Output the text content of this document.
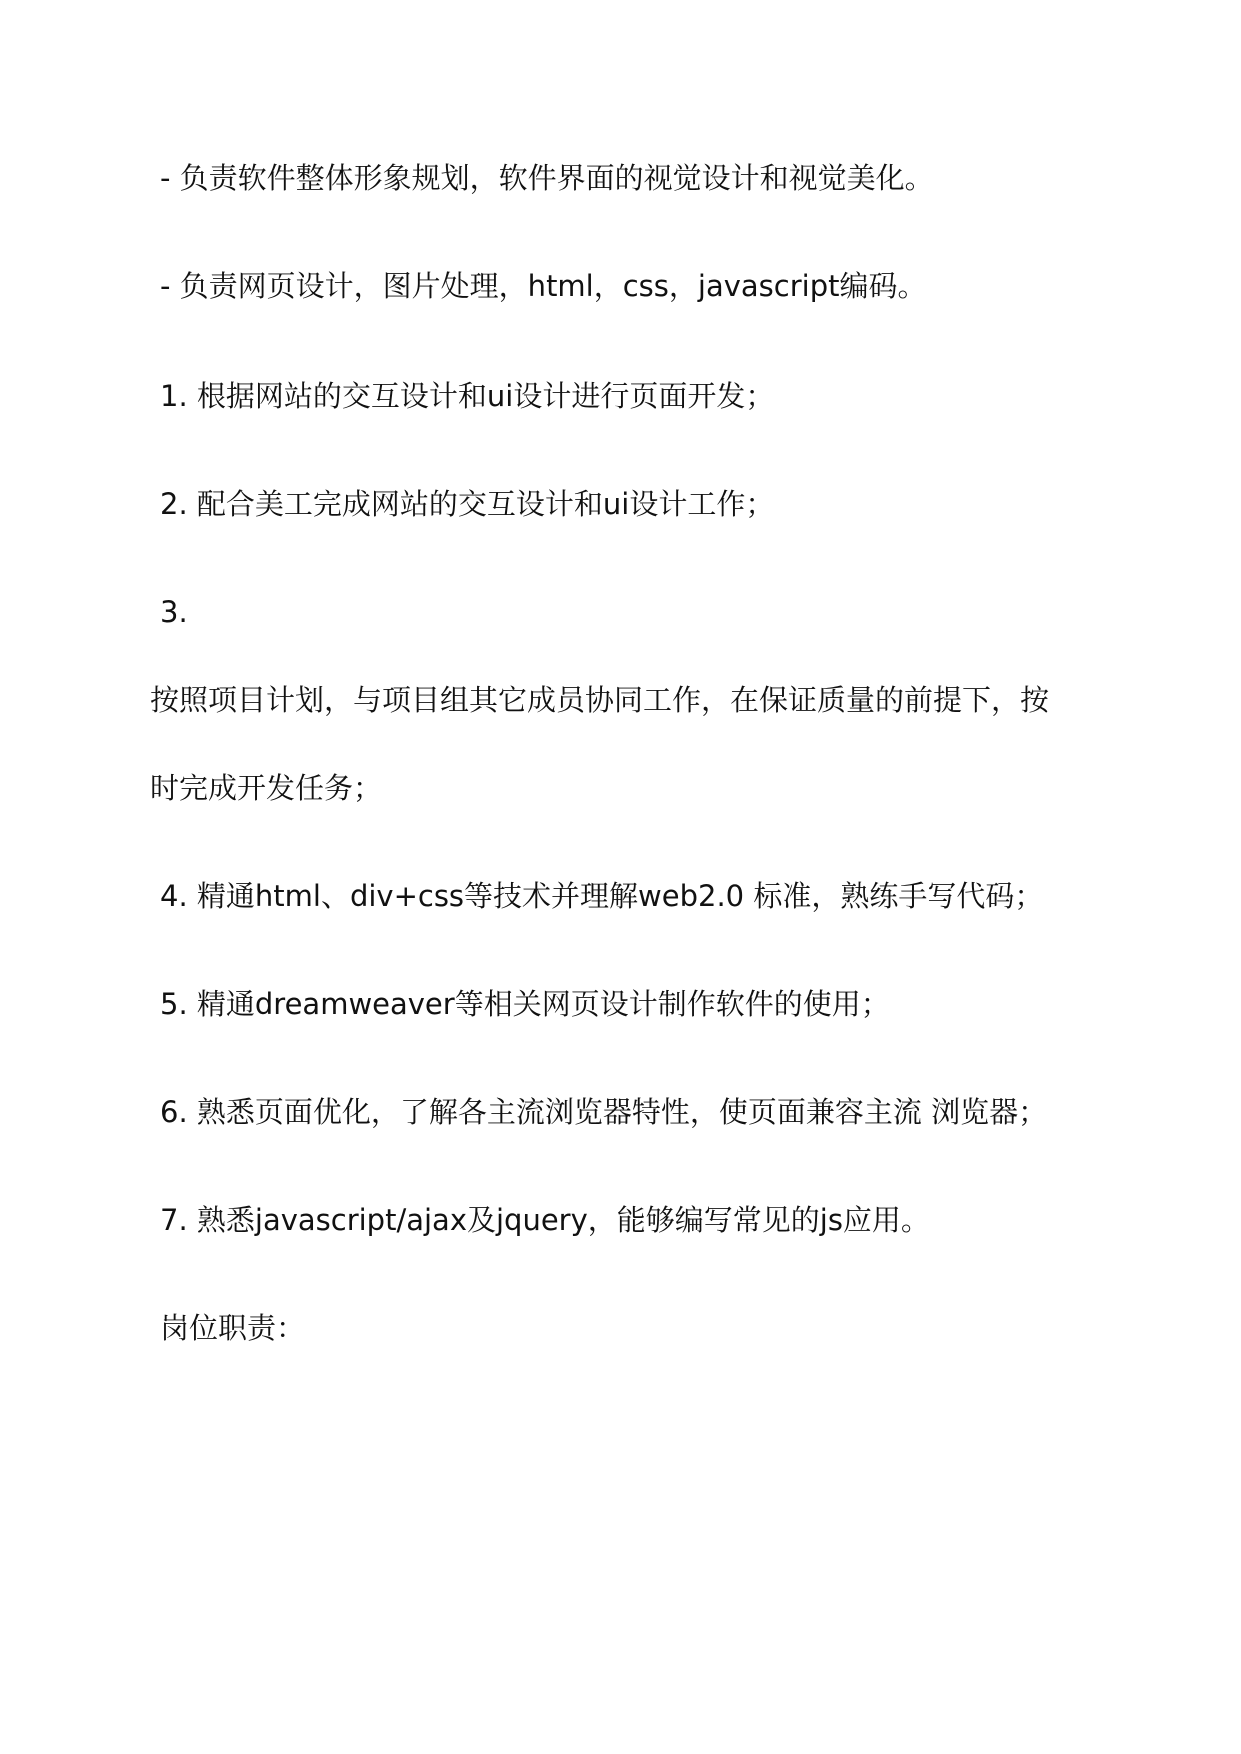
- 负责软件整体形象规划，软件界面的视觉设计和视觉美化。
- 负责网页设计，图片处理，html，css，javascript编码。
1. 根据网站的交互设计和ui设计进行页面开发；
2. 配合美工完成网站的交互设计和ui设计工作；
3.
按照项目计划，与项目组其它成员协同工作，在保证质量的前提下，按
时完成开发任务；
4. 精通html、div+css等技术并理解web2.0 标准，熟练手写代码；
5. 精通dreamweaver等相关网页设计制作软件的使用；
6. 熟悉页面优化，了解各主流浏览器特性，使页面兼容主流 浏览器；
7. 熟悉javascript/ajax及jquery，能够编写常见的js应用。
岗位职责：
